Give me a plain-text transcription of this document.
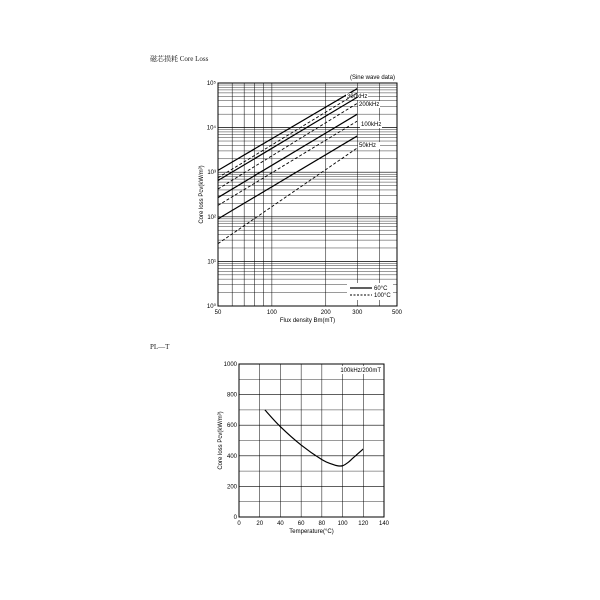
磁芯损耗 Core Loss
PL—T
50	100	200	300	500
10⁰
10¹
10²
10³
10⁴
10⁵
Flux density Bm(mT)
Core loss Pcv(kW/m³)
(Sine wave data)
300kHz
200kHz
100kHz
50kHz
60°C
100°C
0	20 40 60 80 100 120 140
0
200
400
600
800
1000
Temperature(°C)
Core loss Pcv(kW/m³)
100kHz/200mT
